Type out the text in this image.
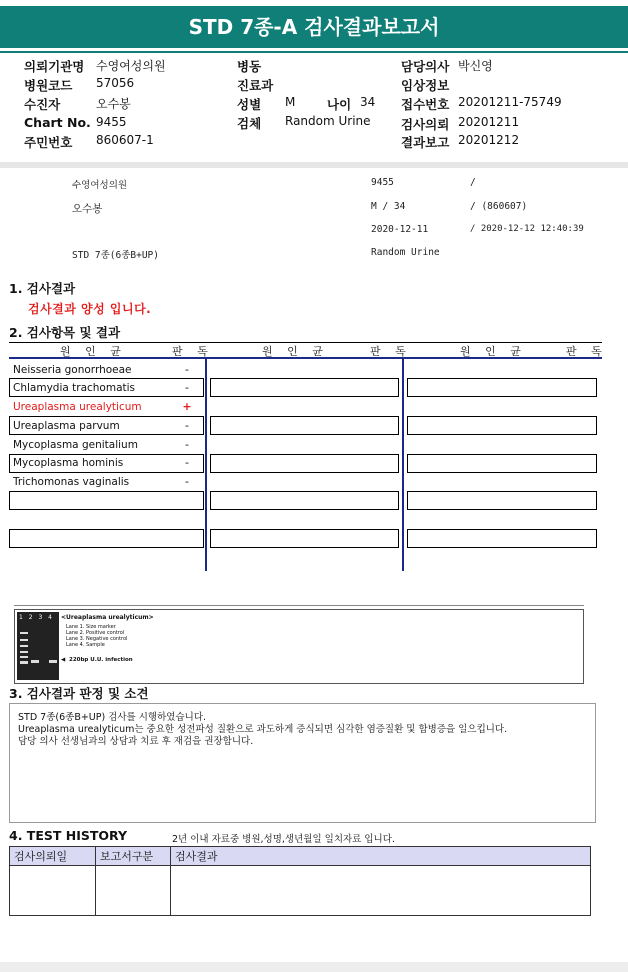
STD 7종-A 검사결과보고서
의뢰기관명 수영여성의원
병원코드 57056
수진자	오수봉
Chart No. 9455
주민번호 860607-1
병동
진료과
성별 M	나이 34
검체 Random Urine
담당의사 박신영
임상정보
접수번호 20201211-75749
검사의뢰 20201211
결과보고 20201212
수영여성의원	9455	/
오수봉	M / 34	/ (860607)
2020-12-11	/ 2020-12-12 12:40:39
STD 7종(6종B+UP)	Random Urine
1. 검사결과
검사결과 양성 입니다.
2. 검사항목 및 결과
원 인 균	판 독	원 인 균	판 독	원 인 균	판 독
Neisseria gonorrhoeae	-
Chlamydia trachomatis	-
Ureaplasma urealyticum	+
Ureaplasma parvum	-
Mycoplasma genitalium	-
Mycoplasma hominis	-
Trichomonas vaginalis	-
1 2 3 4 <Ureaplasma urealyticum>
Lane 1. Size marker
Lane 2. Positive control
Lane 3. Negative control
Lane 4. Sample
◀ 220bp U.U. infection
3. 검사결과 판정 및 소견
STD 7종(6종B+UP) 검사를 시행하였습니다.
Ureaplasma urealyticum는 중요한 성전파성 질환으로 과도하게 증식되면 심각한 염증질환 및 합병증을 일으킵니다.
담당 의사 선생님과의 상담과 치료 후 재검을 권장합니다.
4. TEST HISTORY	2년 이내 자료중 병원,성명,생년월일 일치자료 입니다.
검사의뢰일	보고서구분	검사결과
